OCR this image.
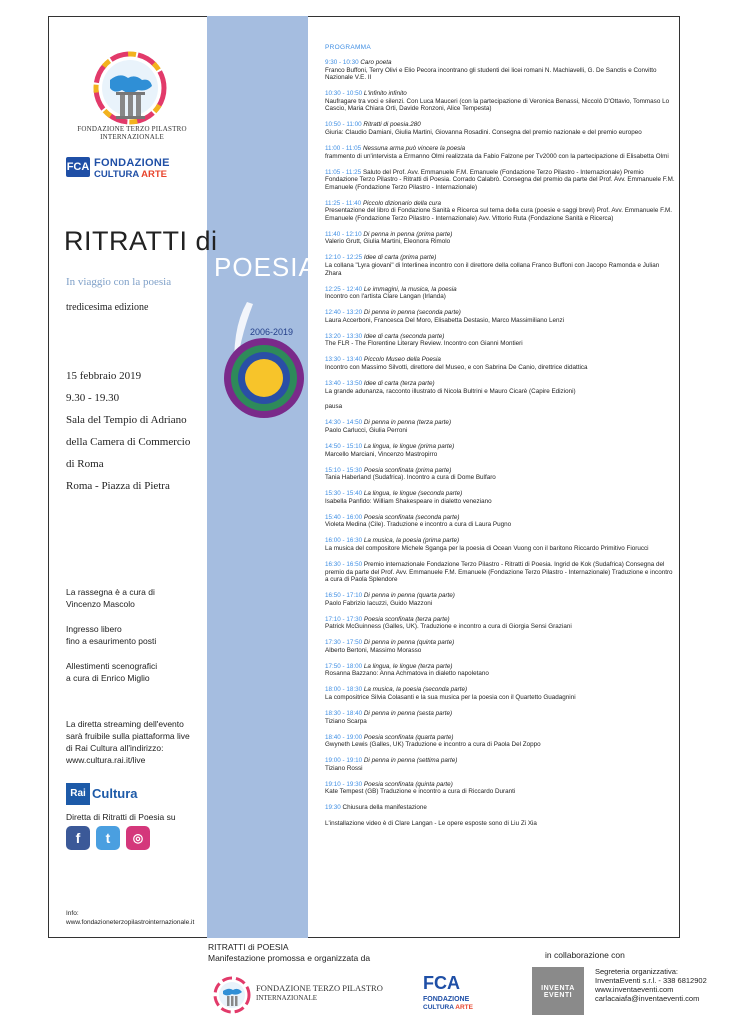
FONDAZIONE TERZO PILASTRO
INTERNAZIONALE
FCA FONDAZIONE
CULTURA ARTE
RITRATTI di
POESIA
In viaggio con la poesia
tredicesima edizione
2006-2019
15 febbraio 2019
9.30 - 19.30
Sala del Tempio di Adriano
della Camera di Commercio
di Roma
Roma - Piazza di Pietra

La rassegna è a cura di
Vincenzo Mascolo

Ingresso libero
fino a esaurimento posti

Allestimenti scenografici
a cura di Enrico Miglio

La diretta streaming dell'evento
sarà fruibile sulla piattaforma live
di Rai Cultura all'indirizzo:
www.cultura.rai.it/live
Rai Cultura
Diretta di Ritratti di Poesia su
f	t	◎
Info:
www.fondazioneterzopilastrointernazionale.it
PROGRAMMA
9:30 - 10:30 Caro poeta
Franco Buffoni, Terry Olivi e Elio Pecora incontrano gli studenti dei licei romani N. Machiavelli, G. De Sanctis e Convitto Nazionale V.E. II
10:30 - 10:50 L'infinito infinito
Naufragare tra voci e silenzi. Con Luca Mauceri (con la partecipazione di Veronica Benassi, Niccolò D'Ottavio, Tommaso Lo Cascio, Maria Chiara Orti, Davide Ronzoni, Alice Tempesta)
10:50 - 11:00 Ritratti di poesia.280
Giuria: Claudio Damiani, Giulia Martini, Giovanna Rosadini. Consegna del premio nazionale e del premio europeo
11:00 - 11:05 Nessuna arma può vincere la poesia
frammento di un'intervista a Ermanno Olmi realizzata da Fabio Falzone per Tv2000 con la partecipazione di Elisabetta Olmi
11:05 - 11:25 Saluto del Prof. Avv. Emmanuele F.M. Emanuele (Fondazione Terzo Pilastro - Internazionale) Premio Fondazione Terzo Pilastro - Ritratti di Poesia. Corrado Calabrò. Consegna del premio da parte del Prof. Avv. Emmanuele F.M. Emanuele (Fondazione Terzo Pilastro - Internazionale)
11:25 - 11:40 Piccolo dizionario della cura
Presentazione del libro di Fondazione Sanità e Ricerca sul tema della cura (poesie e saggi brevi) Prof. Avv. Emmanuele F.M. Emanuele (Fondazione Terzo Pilastro - Internazionale) Avv. Vittorio Ruta (Fondazione Sanità e Ricerca)
11:40 - 12:10 Di penna in penna (prima parte)
Valerio Grutt, Giulia Martini, Eleonora Rimolo
12:10 - 12:25 Idee di carta (prima parte)
La collana "Lyra giovani" di Interlinea incontro con il direttore della collana Franco Buffoni con Jacopo Ramonda e Julian Zhara
12:25 - 12:40 Le immagini, la musica, la poesia
Incontro con l'artista Clare Langan (Irlanda)
12:40 - 13:20 Di penna in penna (seconda parte)
Laura Accerboni, Francesca Del Moro, Elisabetta Destasio, Marco Massimiliano Lenzi
13:20 - 13:30 Idee di carta (seconda parte)
The FLR - The Florentine Literary Review. Incontro con Gianni Montieri
13:30 - 13:40 Piccolo Museo della Poesia
Incontro con Massimo Silvotti, direttore del Museo, e con Sabrina De Canio, direttrice didattica
13:40 - 13:50 Idee di carta (terza parte)
La grande adunanza, racconto illustrato di Nicola Bultrini e Mauro Cicarè (Capire Edizioni)
pausa
14:30 - 14:50 Di penna in penna (terza parte)
Paolo Carlucci, Giulia Perroni
14:50 - 15:10 La lingua, le lingue (prima parte)
Marcello Marciani, Vincenzo Mastropirro
15:10 - 15:30 Poesia sconfinata (prima parte)
Tania Haberland (Sudafrica). Incontro a cura di Dome Bulfaro
15:30 - 15:40 La lingua, le lingue (seconda parte)
Isabella Panfido: William Shakespeare in dialetto veneziano
15:40 - 16:00 Poesia sconfinata (seconda parte)
Violeta Medina (Cile). Traduzione e incontro a cura di Laura Pugno
16:00 - 16:30 La musica, la poesia (prima parte)
La musica del compositore Michele Sganga per la poesia di Ocean Vuong con il baritono Riccardo Primitivo Fiorucci
16:30 - 16:50 Premio internazionale Fondazione Terzo Pilastro - Ritratti di Poesia. Ingrid de Kok (Sudafrica) Consegna del premio da parte del Prof. Avv. Emmanuele F.M. Emanuele (Fondazione Terzo Pilastro - Internazionale) Traduzione e incontro a cura di Paola Splendore
16:50 - 17:10 Di penna in penna (quarta parte)
Paolo Fabrizio Iacuzzi, Guido Mazzoni
17:10 - 17:30 Poesia sconfinata (terza parte)
Patrick McGuinness (Galles, UK). Traduzione e incontro a cura di Giorgia Sensi Graziani
17:30 - 17:50 Di penna in penna (quinta parte)
Alberto Bertoni, Massimo Morasso
17:50 - 18:00 La lingua, le lingue (terza parte)
Rosanna Bazzano: Anna Achmatova in dialetto napoletano
18:00 - 18:30 La musica, la poesia (seconda parte)
La compositrice Silvia Colasanti e la sua musica per la poesia con il Quartetto Guadagnini
18:30 - 18:40 Di penna in penna (sesta parte)
Tiziano Scarpa
18:40 - 19:00 Poesia sconfinata (quarta parte)
Gwyneth Lewis (Galles, UK) Traduzione e incontro a cura di Paola Del Zoppo
19:00 - 19:10 Di penna in penna (settima parte)
Tiziano Rossi
19:10 - 19:30 Poesia sconfinata (quinta parte)
Kate Tempest (GB) Traduzione e incontro a cura di Riccardo Duranti
19:30 Chiusura della manifestazione
L'installazione video è di Clare Langan - Le opere esposte sono di Liu Zi Xia
RITRATTI di POESIA
Manifestazione promossa e organizzata da
FONDAZIONE TERZO PILASTRO
INTERNAZIONALE
FCA
FONDAZIONE
CULTURA ARTE
in collaborazione con
INVENTA EVENTI
Segreteria organizzativa:
InventaEventi s.r.l. - 338 6812902
www.inventaeventi.com
carlacaiafa@inventaeventi.com
